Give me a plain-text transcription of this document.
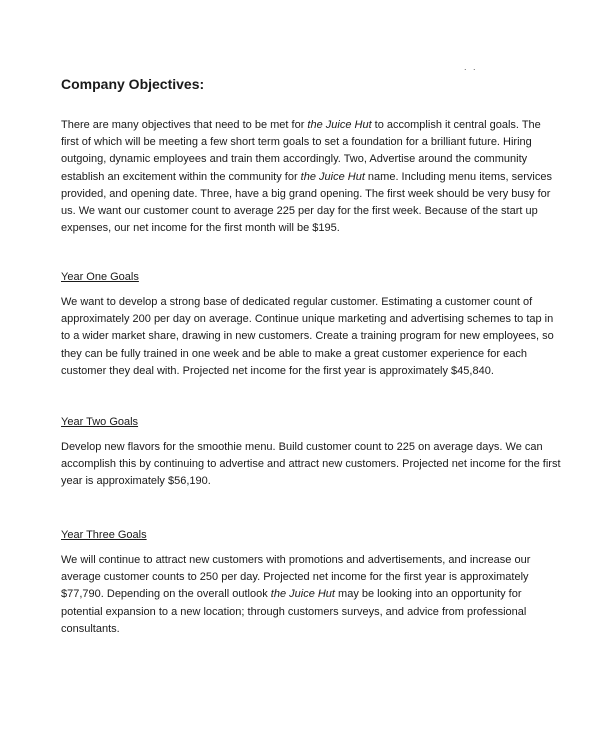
. .
Company Objectives:

There are many objectives that need to be met for the Juice Hut to accomplish it central goals. The first of which will be meeting a few short term goals to set a foundation for a brilliant future. Hiring outgoing, dynamic employees and train them accordingly. Two, Advertise around the community establish an excitement within the community for the Juice Hut name. Including menu items, services provided, and opening date. Three, have a big grand opening. The first week should be very busy for us. We want our customer count to average 225 per day for the first week. Because of the start up expenses, our net income for the first month will be $195.

Year One Goals

We want to develop a strong base of dedicated regular customer. Estimating a customer count of approximately 200 per day on average. Continue unique marketing and advertising schemes to tap in to a wider market share, drawing in new customers. Create a training program for new employees, so they can be fully trained in one week and be able to make a great customer experience for each customer they deal with. Projected net income for the first year is approximately $45,840.

Year Two Goals

Develop new flavors for the smoothie menu. Build customer count to 225 on average days. We can accomplish this by continuing to advertise and attract new customers. Projected net income for the first year is approximately $56,190.

Year Three Goals

We will continue to attract new customers with promotions and advertisements, and increase our average customer counts to 250 per day. Projected net income for the first year is approximately $77,790. Depending on the overall outlook the Juice Hut may be looking into an opportunity for potential expansion to a new location; through customers surveys, and advice from professional consultants.
